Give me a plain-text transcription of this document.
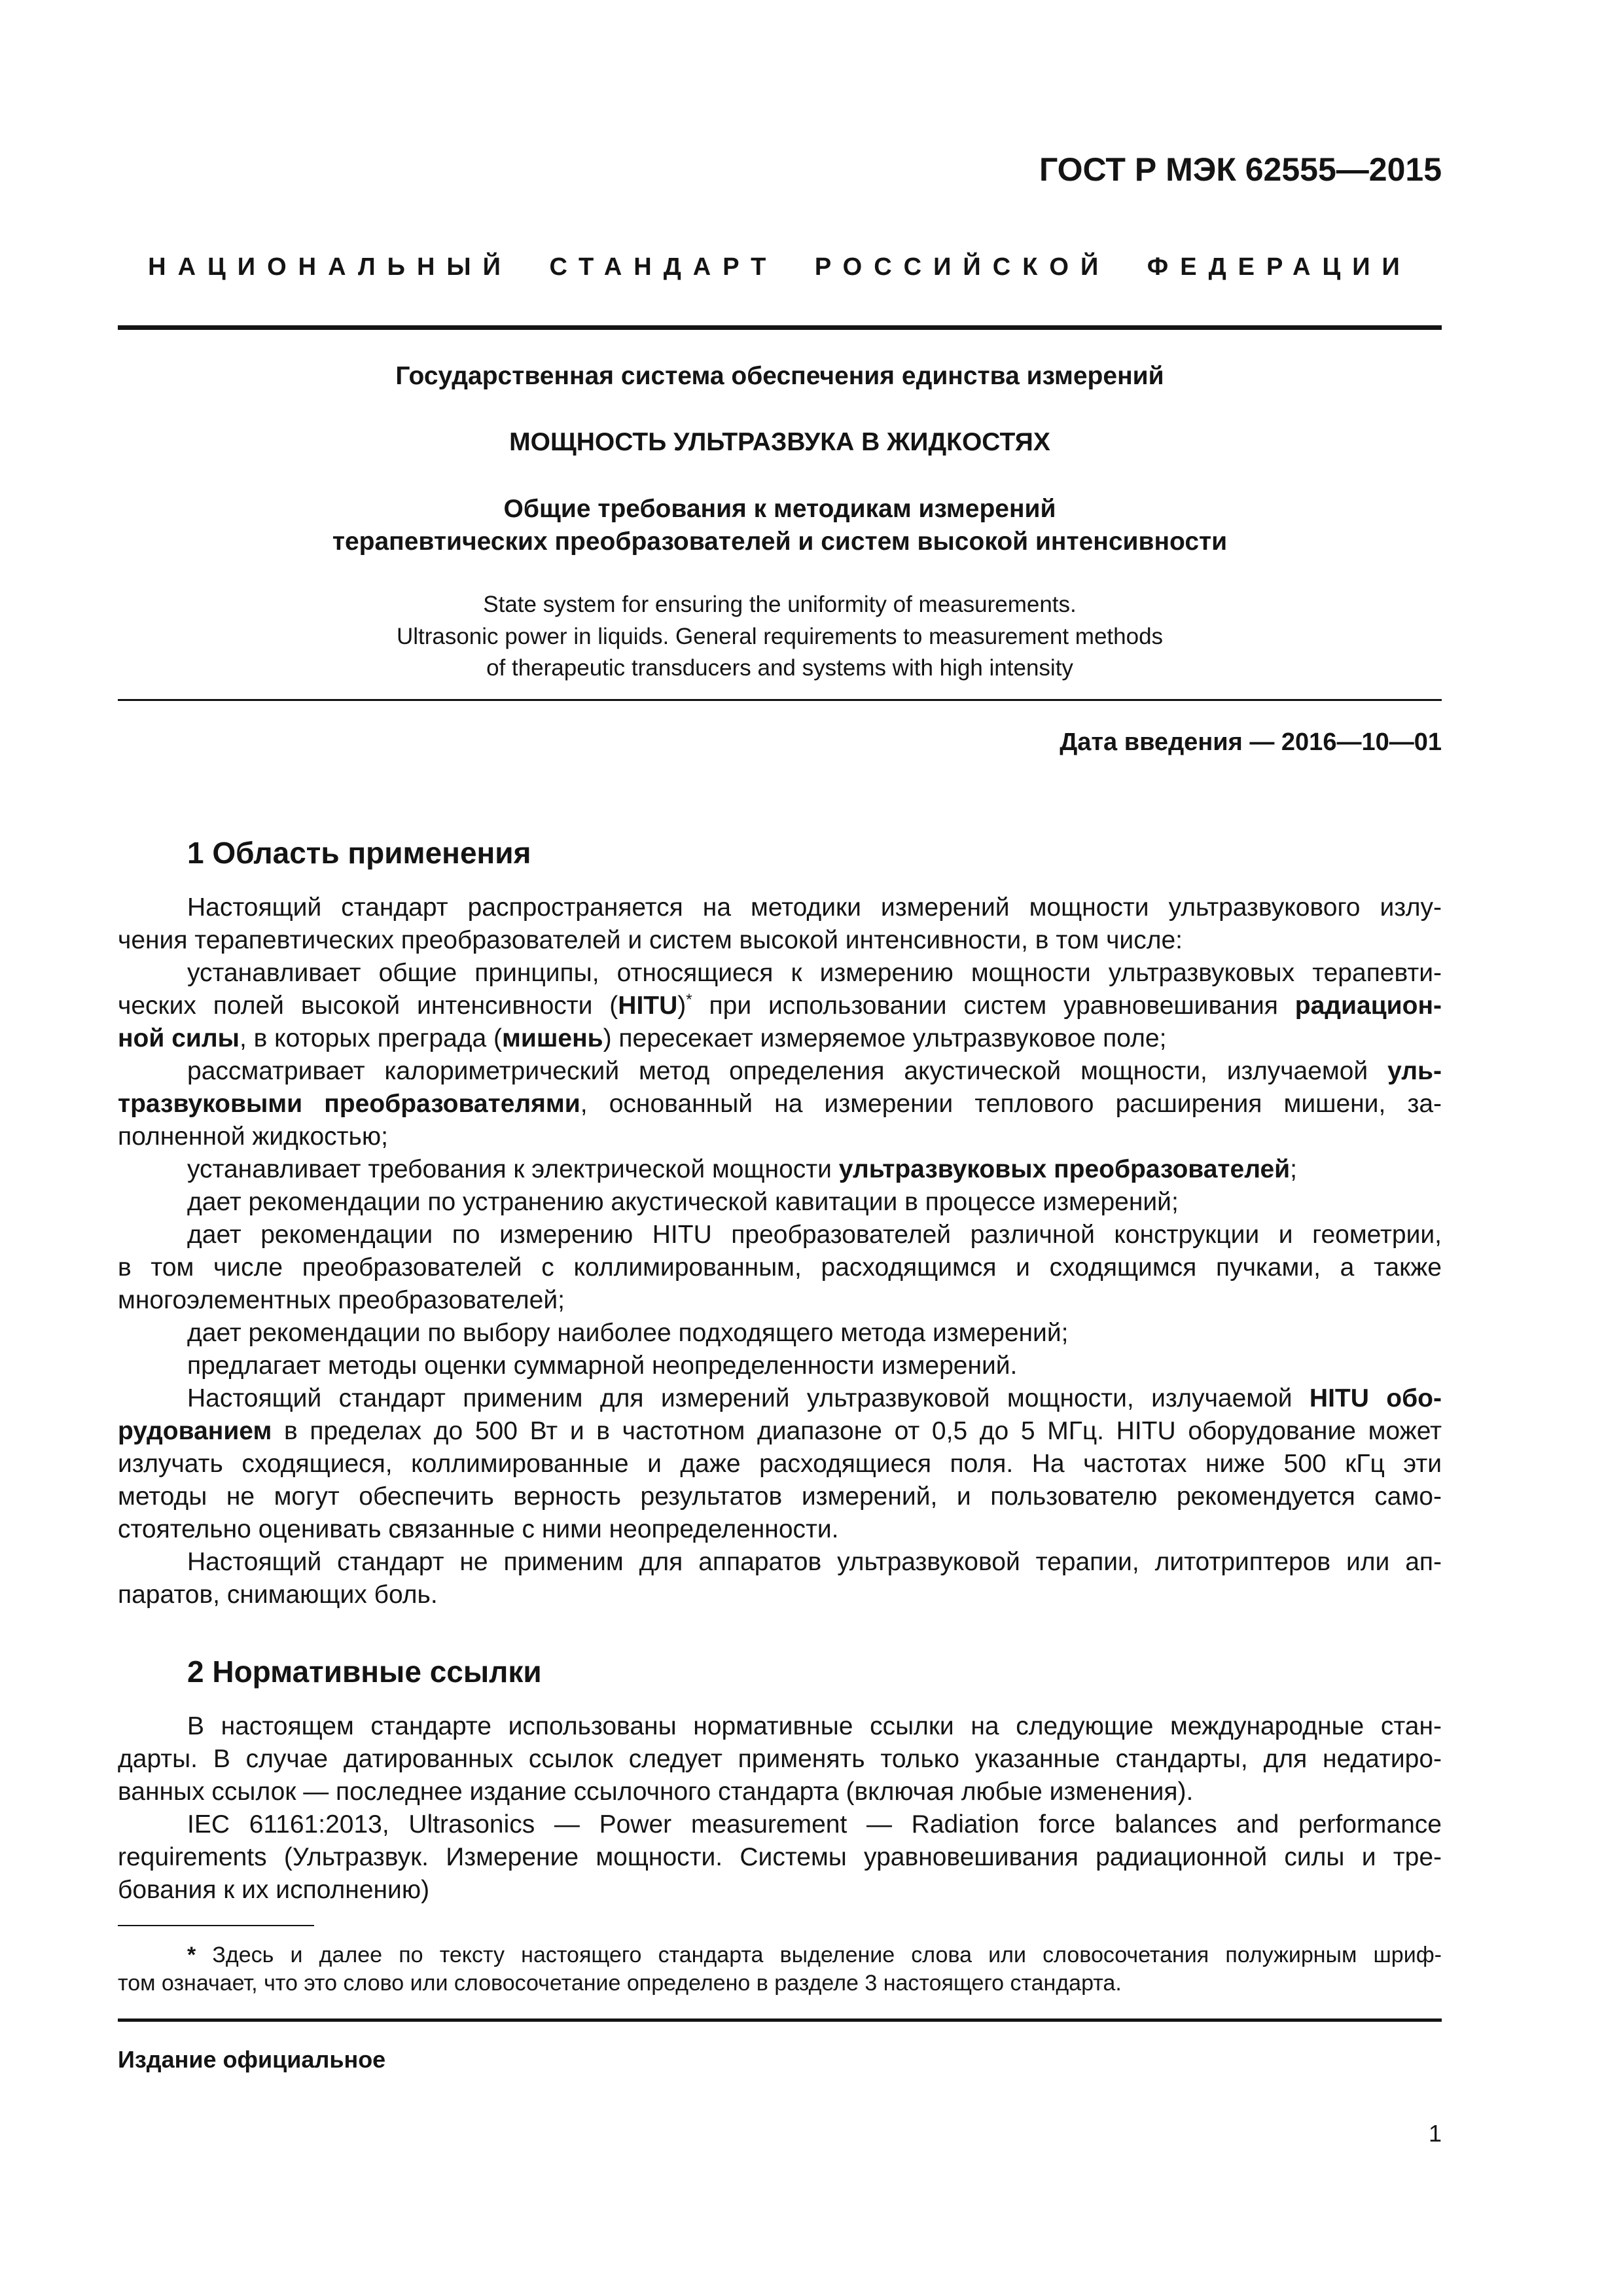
ГОСТ Р МЭК 62555—2015
НАЦИОНАЛЬНЫЙ СТАНДАРТ РОССИЙСКОЙ ФЕДЕРАЦИИ
Государственная система обеспечения единства измерений
МОЩНОСТЬ УЛЬТРАЗВУКА В ЖИДКОСТЯХ
Общие требования к методикам измерений
терапевтических преобразователей и систем высокой интенсивности
State system for ensuring the uniformity of measurements.
Ultrasonic power in liquids. General requirements to measurement methods
of therapeutic transducers and systems with high intensity
Дата введения — 2016—10—01
1 Область применения
Настоящий стандарт распространяется на методики измерений мощности ультразвукового излу-
чения терапевтических преобразователей и систем высокой интенсивности, в том числе:
устанавливает общие принципы, относящиеся к измерению мощности ультразвуковых терапевти-
ческих полей высокой интенсивности (HITU)* при использовании систем уравновешивания радиацион-
ной силы, в которых преграда (мишень) пересекает измеряемое ультразвуковое поле;
рассматривает калориметрический метод определения акустической мощности, излучаемой уль-
тразвуковыми преобразователями, основанный на измерении теплового расширения мишени, за-
полненной жидкостью;
устанавливает требования к электрической мощности ультразвуковых преобразователей;
дает рекомендации по устранению акустической кавитации в процессе измерений;
дает рекомендации по измерению HITU преобразователей различной конструкции и геометрии,
в том числе преобразователей с коллимированным, расходящимся и сходящимся пучками, а также
многоэлементных преобразователей;
дает рекомендации по выбору наиболее подходящего метода измерений;
предлагает методы оценки суммарной неопределенности измерений.
Настоящий стандарт применим для измерений ультразвуковой мощности, излучаемой HITU обо-
рудованием в пределах до 500 Вт и в частотном диапазоне от 0,5 до 5 МГц. HITU оборудование может
излучать сходящиеся, коллимированные и даже расходящиеся поля. На частотах ниже 500 кГц эти
методы не могут обеспечить верность результатов измерений, и пользователю рекомендуется само-
стоятельно оценивать связанные с ними неопределенности.
Настоящий стандарт не применим для аппаратов ультразвуковой терапии, литотриптеров или ап-
паратов, снимающих боль.
2 Нормативные ссылки
В настоящем стандарте использованы нормативные ссылки на следующие международные стан-
дарты. В случае датированных ссылок следует применять только указанные стандарты, для недатиро-
ванных ссылок — последнее издание ссылочного стандарта (включая любые изменения).
IEC 61161:2013, Ultrasonics — Power measurement — Radiation force balances and performance
requirements (Ультразвук. Измерение мощности. Системы уравновешивания радиационной силы и тре-
бования к их исполнению)
* Здесь и далее по тексту настоящего стандарта выделение слова или словосочетания полужирным шриф-
том означает, что это слово или словосочетание определено в разделе 3 настоящего стандарта.
Издание официальное
1
